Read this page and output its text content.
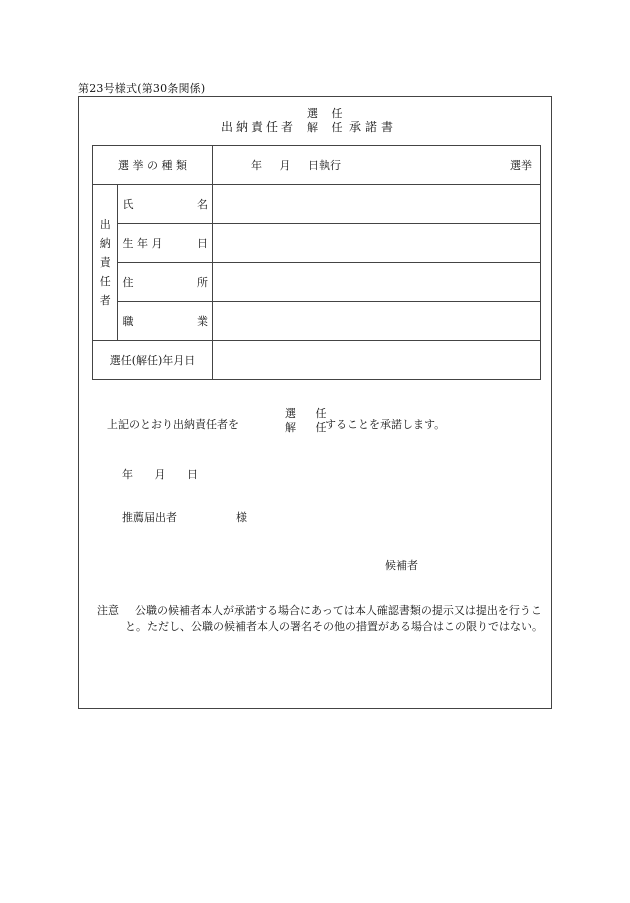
第23号様式(第30条関係)
出納責任者
選 任
解 任 承諾書
選 挙 の 種 類		年 月 日執行 選挙

出
納
責
任
者	氏 名	

	生 年 月 日	

	住 所	

	職 業	

選任(解任)年月日		
上記のとおり出納責任者を
選 任
解 任
することを承諾します。
年 月 日
推薦届出者	様
候補者
注意	公職の候補者本人が承諾する場合にあっては本人確認書類の提示又は提出を行うこと。ただし、公職の候補者本人の署名その他の措置がある場合はこの限りではない。
